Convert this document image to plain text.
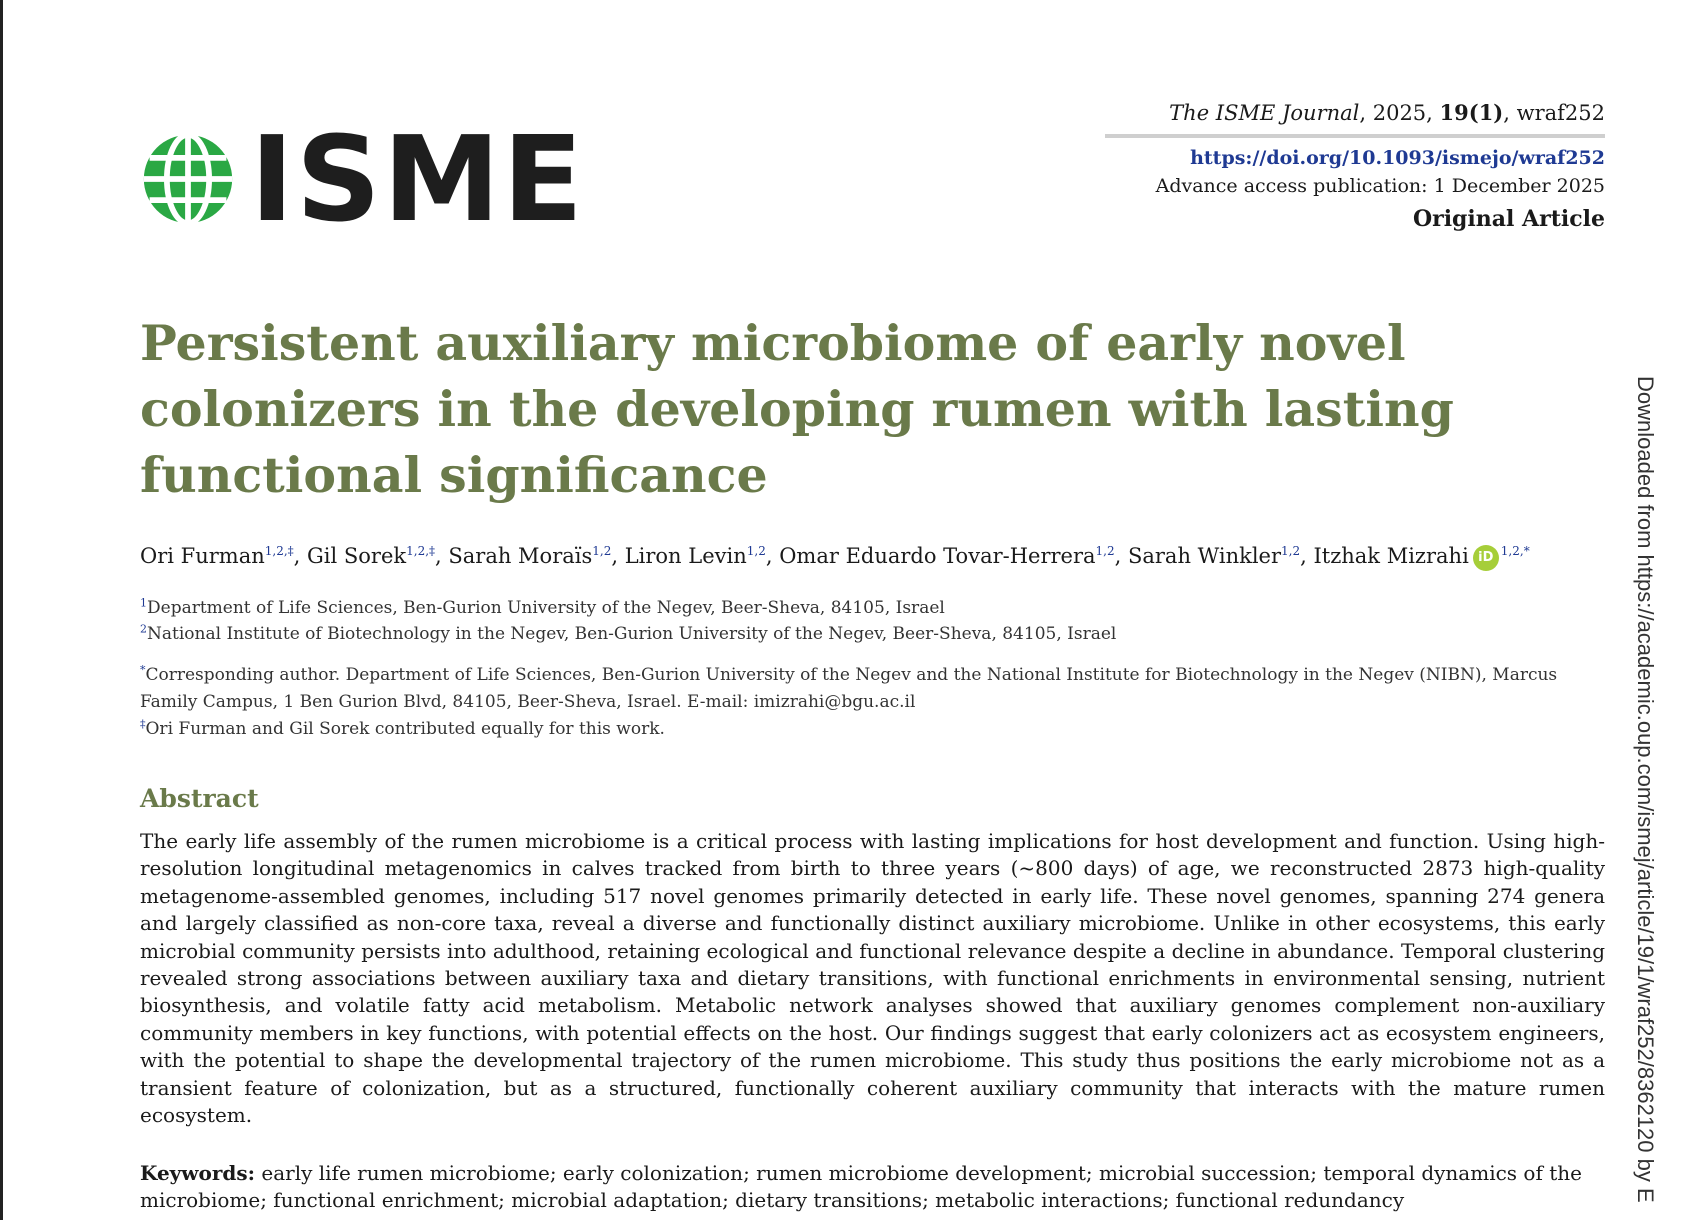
ISME	The ISME Journal, 2025, 19(1), wraf252
https://doi.org/10.1093/ismejo/wraf252
Advance access publication: 1 December 2025
Original Article
Persistent auxiliary microbiome of early novel colonizers in the developing rumen with lasting functional significance
Ori Furman$^{1,2,\ddagger}$, Gil Sorek$^{1,2,\ddagger}$, Sarah Moraïs$^{1,2}$, Liron Levin$^{1,2}$, Omar Eduardo Tovar-Herrera$^{1,2}$, Sarah Winkler$^{1,2}$, Itzhak Mizrahi iD $^{1,2,*}$
$^1$Department of Life Sciences, Ben-Gurion University of the Negev, Beer-Sheva, 84105, Israel
$^2$National Institute of Biotechnology in the Negev, Ben-Gurion University of the Negev, Beer-Sheva, 84105, Israel

*Corresponding author. Department of Life Sciences, Ben-Gurion University of the Negev and the National Institute for Biotechnology in the Negev (NIBN), Marcus Family Campus, 1 Ben Gurion Blvd, 84105, Beer-Sheva, Israel. E-mail: imizrahi@bgu.ac.il

‡Ori Furman and Gil Sorek contributed equally for this work.

Abstract

The early life assembly of the rumen microbiome is a critical process with lasting implications for host development and function. Using high-resolution longitudinal metagenomics in calves tracked from birth to three years (~800 days) of age, we reconstructed 2873 high-quality metagenome-assembled genomes, including 517 novel genomes primarily detected in early life. These novel genomes, spanning 274 genera and largely classified as non-core taxa, reveal a diverse and functionally distinct auxiliary microbiome. Unlike in other ecosystems, this early microbial community persists into adulthood, retaining ecological and functional relevance despite a decline in abundance. Temporal clustering revealed strong associations between auxiliary taxa and dietary transitions, with functional enrichments in environmental sensing, nutrient biosynthesis, and volatile fatty acid metabolism. Metabolic network analyses showed that auxiliary genomes complement non-auxiliary community members in key functions, with potential effects on the host. Our findings suggest that early colonizers act as ecosystem engineers, with the potential to shape the developmental trajectory of the rumen microbiome. This study thus positions the early microbiome not as a transient feature of colonization, but as a structured, functionally coherent auxiliary community that interacts with the mature rumen ecosystem.

Keywords: early life rumen microbiome; early colonization; rumen microbiome development; microbial succession; temporal dynamics of the microbiome; functional enrichment; microbial adaptation; dietary transitions; metabolic interactions; functional redundancy	Downloaded from https://academic.oup.com/ismej/article/19/1/wraf252/8362120 by E
